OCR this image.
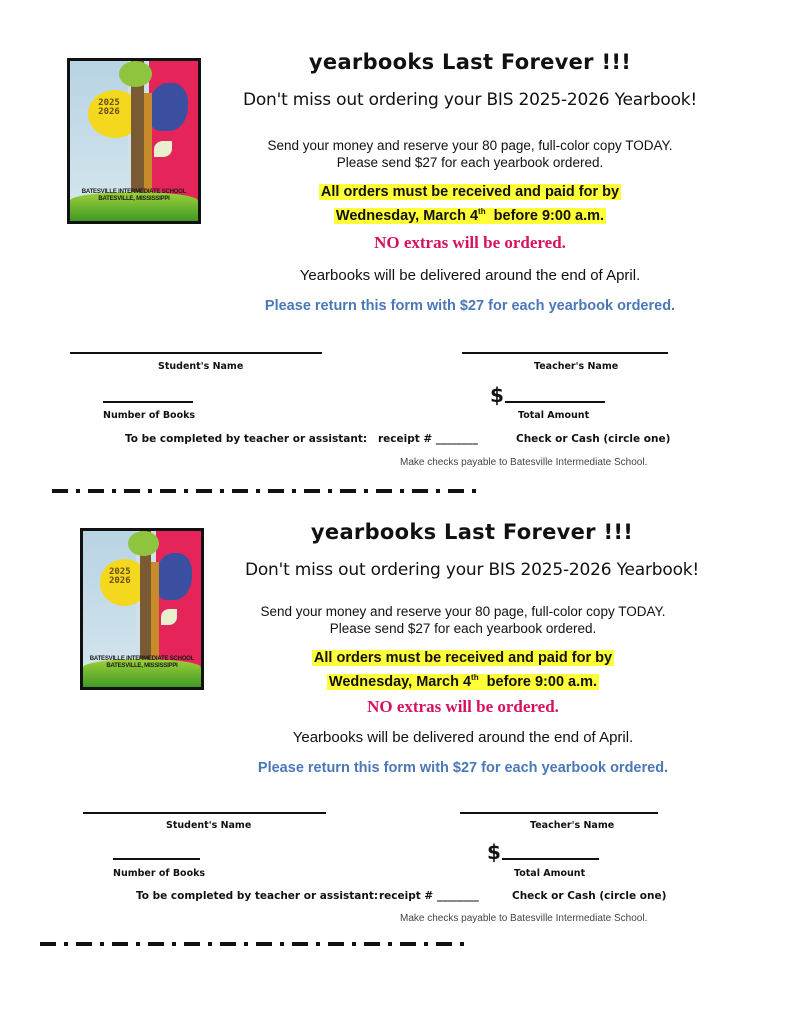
2025
2026
BATESVILLE INTERMEDIATE SCHOOL
BATESVILLE, MISSISSIPPI
yearbooks Last Forever !!!
Don't miss out ordering your BIS 2025-2026 Yearbook!
Send your money and reserve your 80 page, full-color copy TODAY.
Please send $27 for each yearbook ordered.
All orders must be received and paid for by
Wednesday, March 4th  before 9:00 a.m.
NO extras will be ordered.
Yearbooks will be delivered around the end of April.
Please return this form with $27 for each yearbook ordered.
Student's Name	Teacher's Name
Number of Books
$
Total Amount
To be completed by teacher or assistant: receipt # ________	Check or Cash (circle one)
Make checks payable to Batesville Intermediate School.
2025
2026
BATESVILLE INTERMEDIATE SCHOOL
BATESVILLE, MISSISSIPPI
yearbooks Last Forever !!!
Don't miss out ordering your BIS 2025-2026 Yearbook!
Send your money and reserve your 80 page, full-color copy TODAY.
Please send $27 for each yearbook ordered.
All orders must be received and paid for by
Wednesday, March 4th  before 9:00 a.m.
NO extras will be ordered.
Yearbooks will be delivered around the end of April.
Please return this form with $27 for each yearbook ordered.
Student's Name	Teacher's Name
Number of Books
$
Total Amount
To be completed by teacher or assistant: receipt # ________	Check or Cash (circle one)
Make checks payable to Batesville Intermediate School.
